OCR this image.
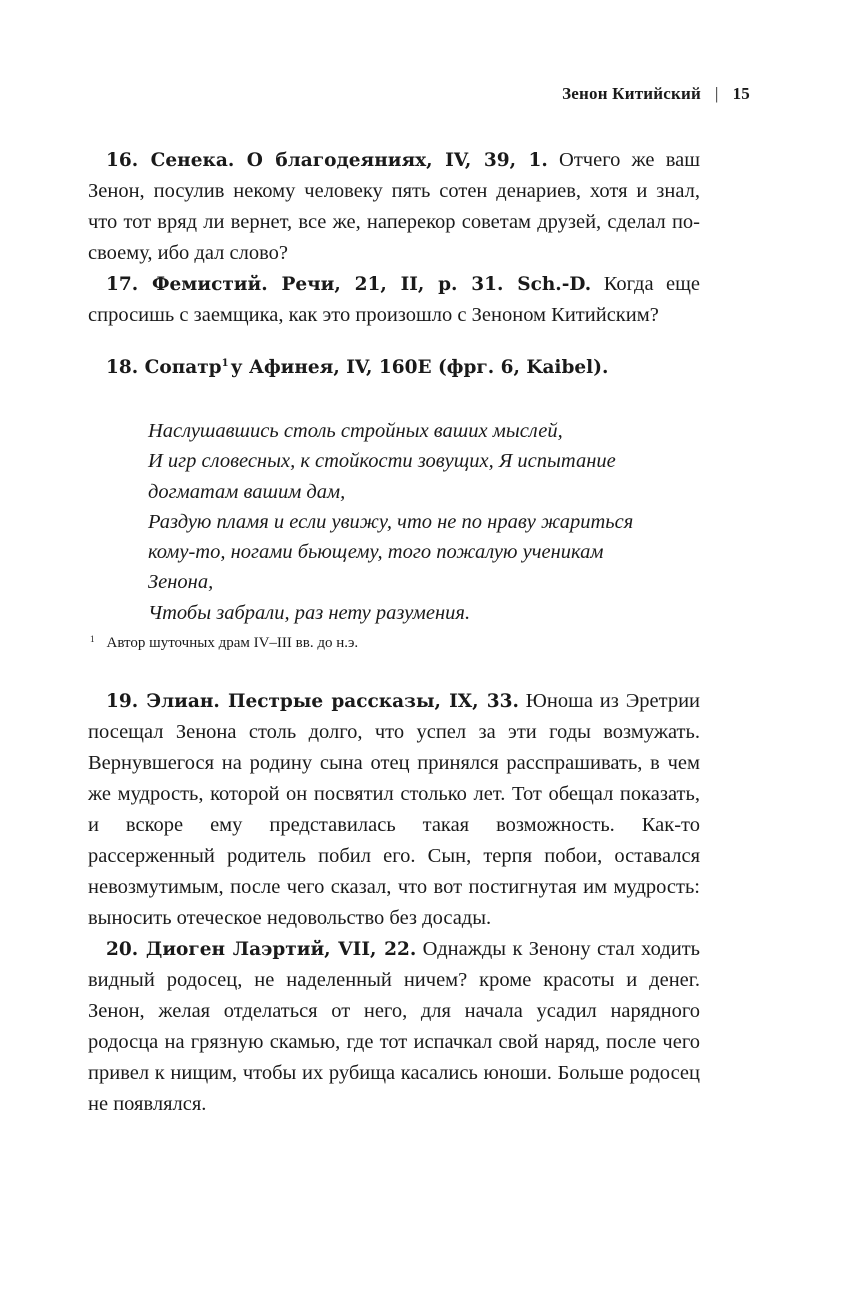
Зенон Китийский | 15

16. Сенека. О благодеяниях, IV, 39, 1. Отчего же ваш Зенон, посулив некому человеку пять сотен денариев, хотя и знал, что тот вряд ли вернет, все же, наперекор советам друзей, сделал по-своему, ибо дал слово?

17. Фемистий. Речи, 21, II, p. 31. Sch.-D. Когда еще спросишь с заемщика, как это произошло с Зеноном Китийским?

18. Сопатр$^1$ у Афинея, IV, 160E (фрг. 6, Kaibel).
Наслушавшись столь стройных ваших мыслей,
И игр словесных, к стойкости зовущих, Я испытание
догматам вашим дам,
Раздую пламя и если увижу, что не по нраву жариться
кому-то, ногами бьющему, того пожалую ученикам
Зенона,
Чтобы забрали, раз нету разумения.
$^1$ Автор шуточных драм IV–III вв. до н.э.

19. Элиан. Пестрые рассказы, IX, 33. Юноша из Эретрии посещал Зенона столь долго, что успел за эти годы возмужать. Вернувшегося на родину сына отец принялся расспрашивать, в чем же мудрость, которой он посвятил столько лет. Тот обещал показать, и вскоре ему представилась такая возможность. Как-то рассерженный родитель побил его. Сын, терпя побои, оставался невозмутимым, после чего сказал, что вот постигнутая им мудрость: выносить отеческое недовольство без досады.

20. Диоген Лаэртий, VII, 22. Однажды к Зенону стал ходить видный родосец, не наделенный ничем? кроме красоты и денег. Зенон, желая отделаться от него, для начала усадил нарядного родосца на грязную скамью, где тот испачкал свой наряд, после чего привел к нищим, чтобы их рубища касались юноши. Больше родосец не появлялся.
